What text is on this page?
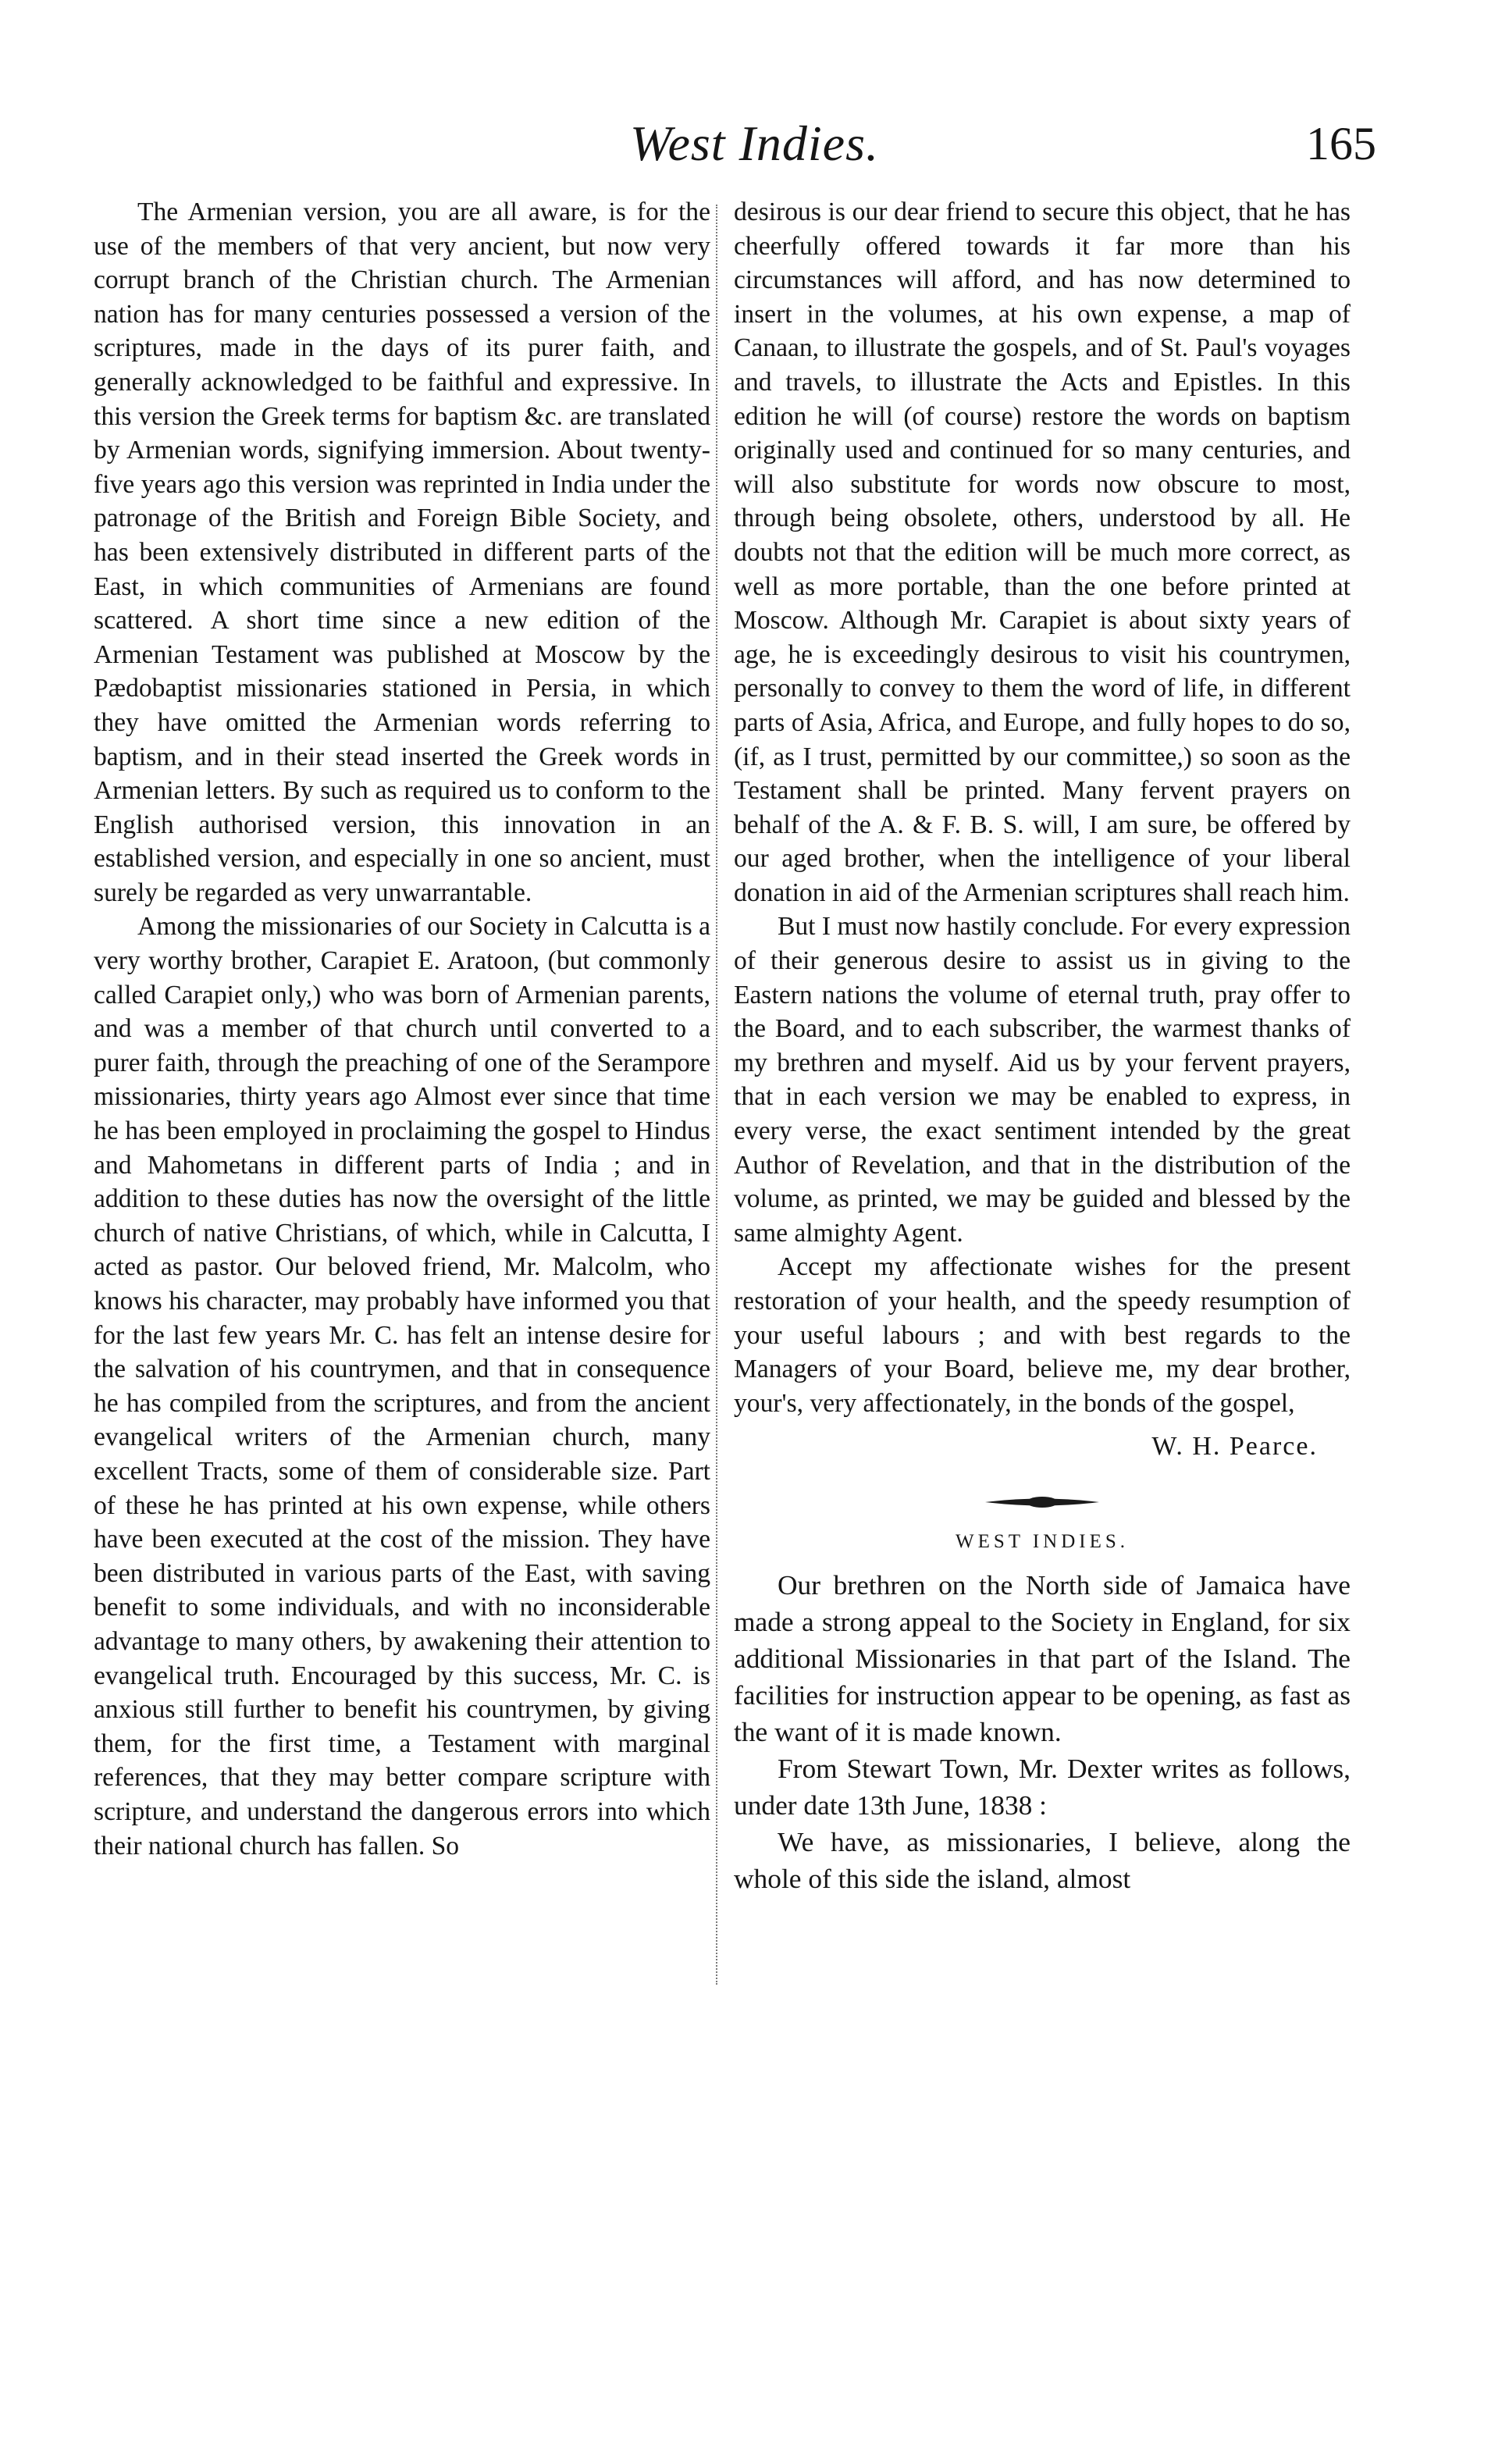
West Indies.	165

The Armenian version, you are all aware, is for the use of the members of that very ancient, but now very corrupt branch of the Christian church. The Armenian nation has for many centuries possessed a version of the scriptures, made in the days of its purer faith, and generally acknowledged to be faithful and expressive. In this version the Greek terms for baptism &c. are translated by Armenian words, signifying immersion. About twenty-five years ago this version was reprinted in India under the patronage of the British and Foreign Bible Society, and has been extensively distributed in different parts of the East, in which communities of Armenians are found scattered. A short time since a new edition of the Armenian Testament was published at Moscow by the Pædobaptist missionaries stationed in Persia, in which they have omitted the Armenian words referring to baptism, and in their stead inserted the Greek words in Armenian letters. By such as required us to conform to the English authorised version, this innovation in an established version, and especially in one so ancient, must surely be regarded as very unwarrantable.

Among the missionaries of our Society in Calcutta is a very worthy brother, Carapiet E. Aratoon, (but commonly called Carapiet only,) who was born of Armenian parents, and was a member of that church until converted to a purer faith, through the preaching of one of the Serampore missionaries, thirty years ago Almost ever since that time he has been employed in proclaiming the gospel to Hindus and Mahometans in different parts of India ; and in addition to these duties has now the oversight of the little church of native Christians, of which, while in Calcutta, I acted as pastor. Our beloved friend, Mr. Malcolm, who knows his character, may probably have informed you that for the last few years Mr. C. has felt an intense desire for the salvation of his countrymen, and that in consequence he has compiled from the scriptures, and from the ancient evangelical writers of the Armenian church, many excellent Tracts, some of them of considerable size. Part of these he has printed at his own expense, while others have been executed at the cost of the mission. They have been distributed in various parts of the East, with saving benefit to some individuals, and with no inconsiderable advantage to many others, by awakening their attention to evangelical truth. Encouraged by this success, Mr. C. is anxious still further to benefit his countrymen, by giving them, for the first time, a Testament with marginal references, that they may better compare scripture with scripture, and understand the dangerous errors into which their national church has fallen. So

desirous is our dear friend to secure this object, that he has cheerfully offered towards it far more than his circumstances will afford, and has now determined to insert in the volumes, at his own expense, a map of Canaan, to illustrate the gospels, and of St. Paul's voyages and travels, to illustrate the Acts and Epistles. In this edition he will (of course) restore the words on baptism originally used and continued for so many centuries, and will also substitute for words now obscure to most, through being obsolete, others, understood by all. He doubts not that the edition will be much more correct, as well as more portable, than the one before printed at Moscow. Although Mr. Carapiet is about sixty years of age, he is exceedingly desirous to visit his countrymen, personally to convey to them the word of life, in different parts of Asia, Africa, and Europe, and fully hopes to do so, (if, as I trust, permitted by our committee,) so soon as the Testament shall be printed. Many fervent prayers on behalf of the A. & F. B. S. will, I am sure, be offered by our aged brother, when the intelligence of your liberal donation in aid of the Armenian scriptures shall reach him.

But I must now hastily conclude. For every expression of their generous desire to assist us in giving to the Eastern nations the volume of eternal truth, pray offer to the Board, and to each subscriber, the warmest thanks of my brethren and myself. Aid us by your fervent prayers, that in each version we may be enabled to express, in every verse, the exact sentiment intended by the great Author of Revelation, and that in the distribution of the volume, as printed, we may be guided and blessed by the same almighty Agent.

Accept my affectionate wishes for the present restoration of your health, and the speedy resumption of your useful labours ; and with best regards to the Managers of your Board, believe me, my dear brother, your's, very affectionately, in the bonds of the gospel,

W. H. Pearce.
WEST INDIES.

Our brethren on the North side of Jamaica have made a strong appeal to the Society in England, for six additional Missionaries in that part of the Island. The facilities for instruction appear to be opening, as fast as the want of it is made known.

From Stewart Town, Mr. Dexter writes as follows, under date 13th June, 1838 :

We have, as missionaries, I believe, along the whole of this side the island, almost
